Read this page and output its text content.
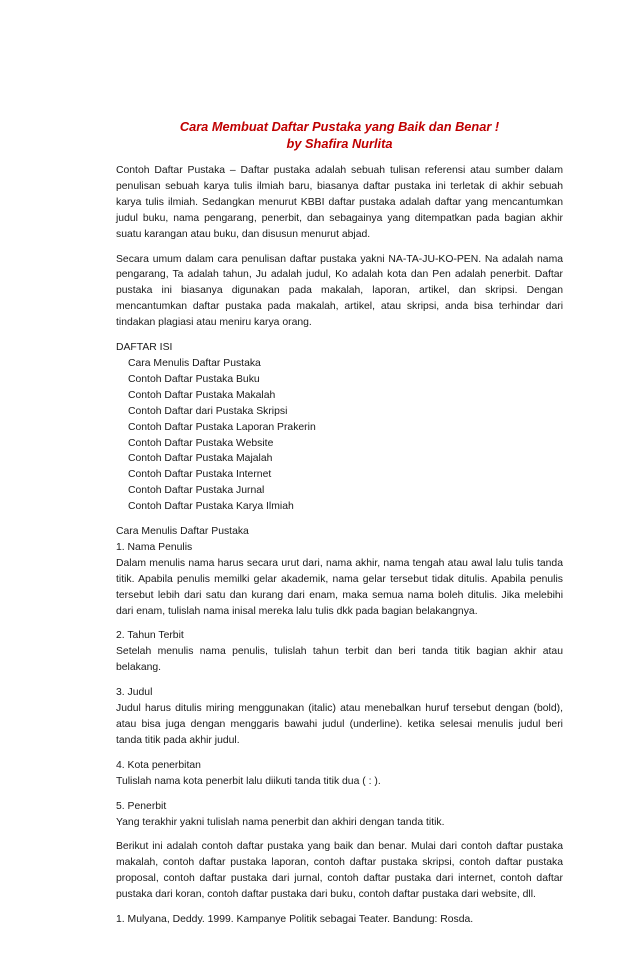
Cara Membuat Daftar Pustaka yang Baik dan Benar !

by Shafira Nurlita

Contoh Daftar Pustaka – Daftar pustaka adalah sebuah tulisan referensi atau sumber dalam penulisan sebuah karya tulis ilmiah baru, biasanya daftar pustaka ini terletak di akhir sebuah karya tulis ilmiah. Sedangkan menurut KBBI daftar pustaka adalah daftar yang mencantumkan judul buku, nama pengarang, penerbit, dan sebagainya yang ditempatkan pada bagian akhir suatu karangan atau buku, dan disusun menurut abjad.

Secara umum dalam cara penulisan daftar pustaka yakni NA-TA-JU-KO-PEN. Na adalah nama pengarang, Ta adalah tahun, Ju adalah judul, Ko adalah kota dan Pen adalah penerbit. Daftar pustaka ini biasanya digunakan pada makalah, laporan, artikel, dan skripsi. Dengan mencantumkan daftar pustaka pada makalah, artikel, atau skripsi, anda bisa terhindar dari tindakan plagiasi atau meniru karya orang.

DAFTAR ISI

Cara Menulis Daftar Pustaka
Contoh Daftar Pustaka Buku
Contoh Daftar Pustaka Makalah
Contoh Daftar dari Pustaka Skripsi
Contoh Daftar Pustaka Laporan Prakerin
Contoh Daftar Pustaka Website
Contoh Daftar Pustaka Majalah
Contoh Daftar Pustaka Internet
Contoh Daftar Pustaka Jurnal
Contoh Daftar Pustaka Karya Ilmiah

Cara Menulis Daftar Pustaka

1. Nama Penulis

Dalam menulis nama harus secara urut dari, nama akhir, nama tengah atau awal lalu tulis tanda titik. Apabila penulis memilki gelar akademik, nama gelar tersebut tidak ditulis. Apabila penulis tersebut lebih dari satu dan kurang dari enam, maka semua nama boleh ditulis. Jika melebihi dari enam, tulislah nama inisal mereka lalu tulis dkk pada bagian belakangnya.

2. Tahun Terbit

Setelah menulis nama penulis, tulislah tahun terbit dan beri tanda titik bagian akhir atau belakang.

3. Judul

Judul harus ditulis miring menggunakan (italic) atau menebalkan huruf tersebut dengan (bold), atau bisa juga dengan menggaris bawahi judul (underline). ketika selesai menulis judul beri tanda titik pada akhir judul.

4. Kota penerbitan

Tulislah nama kota penerbit lalu diikuti tanda titik dua ( : ).

5. Penerbit

Yang terakhir yakni tulislah nama penerbit dan akhiri dengan tanda titik.

Berikut ini adalah contoh daftar pustaka yang baik dan benar. Mulai dari contoh daftar pustaka makalah, contoh daftar pustaka laporan, contoh daftar pustaka skripsi, contoh daftar pustaka proposal, contoh daftar pustaka dari jurnal, contoh daftar pustaka dari internet, contoh daftar pustaka dari koran, contoh daftar pustaka dari buku, contoh daftar pustaka dari website, dll.

1. Mulyana, Deddy. 1999. Kampanye Politik sebagai Teater. Bandung: Rosda.
